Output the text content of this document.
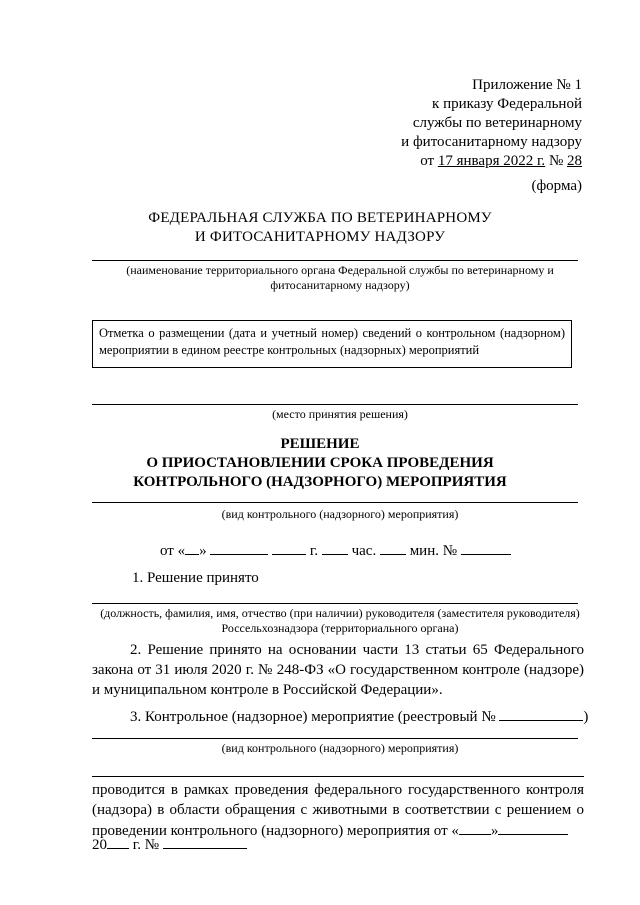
Приложение № 1
к приказу Федеральной
службы по ветеринарному
и фитосанитарному надзору
от 17 января 2022 г. № 28
(форма)
ФЕДЕРАЛЬНАЯ СЛУЖБА ПО ВЕТЕРИНАРНОМУ
И ФИТОСАНИТАРНОМУ НАДЗОРУ
(наименование территориального органа Федеральной службы по ветеринарному и фитосанитарному надзору)
Отметка о размещении (дата и учетный номер) сведений о контрольном (надзорном) мероприятии в едином реестре контрольных (надзорных) мероприятий
(место принятия решения)
РЕШЕНИЕ
О ПРИОСТАНОВЛЕНИИ СРОКА ПРОВЕДЕНИЯ
КОНТРОЛЬНОГО (НАДЗОРНОГО) МЕРОПРИЯТИЯ
(вид контрольного (надзорного) мероприятия)
от « »	г. час. мин. №
1. Решение принято
(должность, фамилия, имя, отчество (при наличии) руководителя (заместителя руководителя) Россельхознадзора (территориального органа)
2. Решение принято на основании части 13 статьи 65 Федерального закона от 31 июля 2020 г. № 248-ФЗ «О государственном контроле (надзоре) и муниципальном контроле в Российской Федерации».
3. Контрольное (надзорное) мероприятие (реестровый №	)
(вид контрольного (надзорного) мероприятия)
проводится в рамках проведения федерального государственного контроля (надзора) в области обращения с животными в соответствии с решением о проведении контрольного (надзорного) мероприятия от « »
20 г. №
